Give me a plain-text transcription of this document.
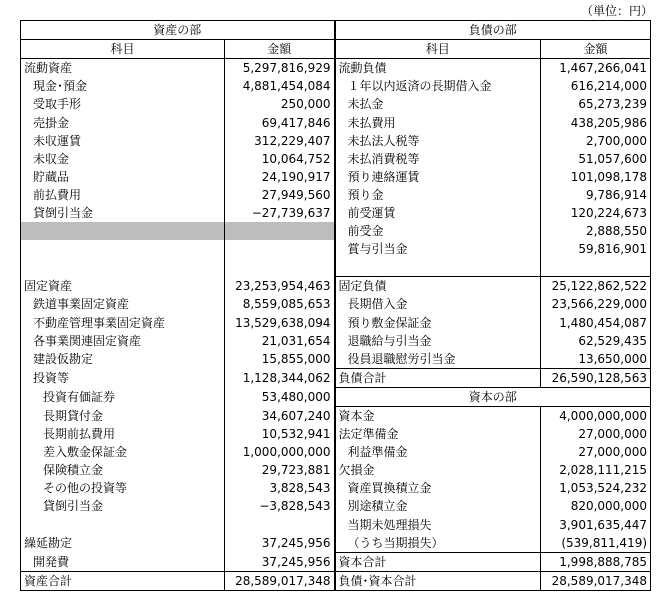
（単位：円）
資産の部		負債の部	
科目	金額	科目	金額
流動資産	5,297,816,929	流動負債	1,467,266,041
現金･預金	4,881,454,084	１年以内返済の長期借入金	616,214,000
受取手形	250,000	未払金	65,273,239
売掛金	69,417,846	未払費用	438,205,986
未収運賃	312,229,407	未払法人税等	2,700,000
未収金	10,064,752	未払消費税等	51,057,600
貯蔵品	24,190,917	預り連絡運賃	101,098,178
前払費用	27,949,560	預り金	9,786,914
貸倒引当金	−27,739,637	前受運賃	120,224,673
		前受金	2,888,550
		賞与引当金	59,816,901

固定資産	23,253,954,463	固定負債	25,122,862,522
鉄道事業固定資産	8,559,085,653	長期借入金	23,566,229,000
不動産管理事業固定資産	13,529,638,094	預り敷金保証金	1,480,454,087
各事業関連固定資産	21,031,654	退職給与引当金	62,529,435
建設仮勘定	15,855,000	役員退職慰労引当金	13,650,000
投資等	1,128,344,062	負債合計	26,590,128,563
投資有価証券	53,480,000	資本の部	
長期貸付金	34,607,240	資本金	4,000,000,000
長期前払費用	10,532,941	法定準備金	27,000,000
差入敷金保証金	1,000,000,000	利益準備金	27,000,000
保険積立金	29,723,881	欠損金	2,028,111,215
その他の投資等	3,828,543	資産買換積立金	1,053,524,232
貸倒引当金	−3,828,543	別途積立金	820,000,000
		当期未処理損失	3,901,635,447
繰延勘定	37,245,956	（うち当期損失）	(539,811,419)
開発費	37,245,956	資本合計	1,998,888,785
資産合計	28,589,017,348	負債･資本合計	28,589,017,348
